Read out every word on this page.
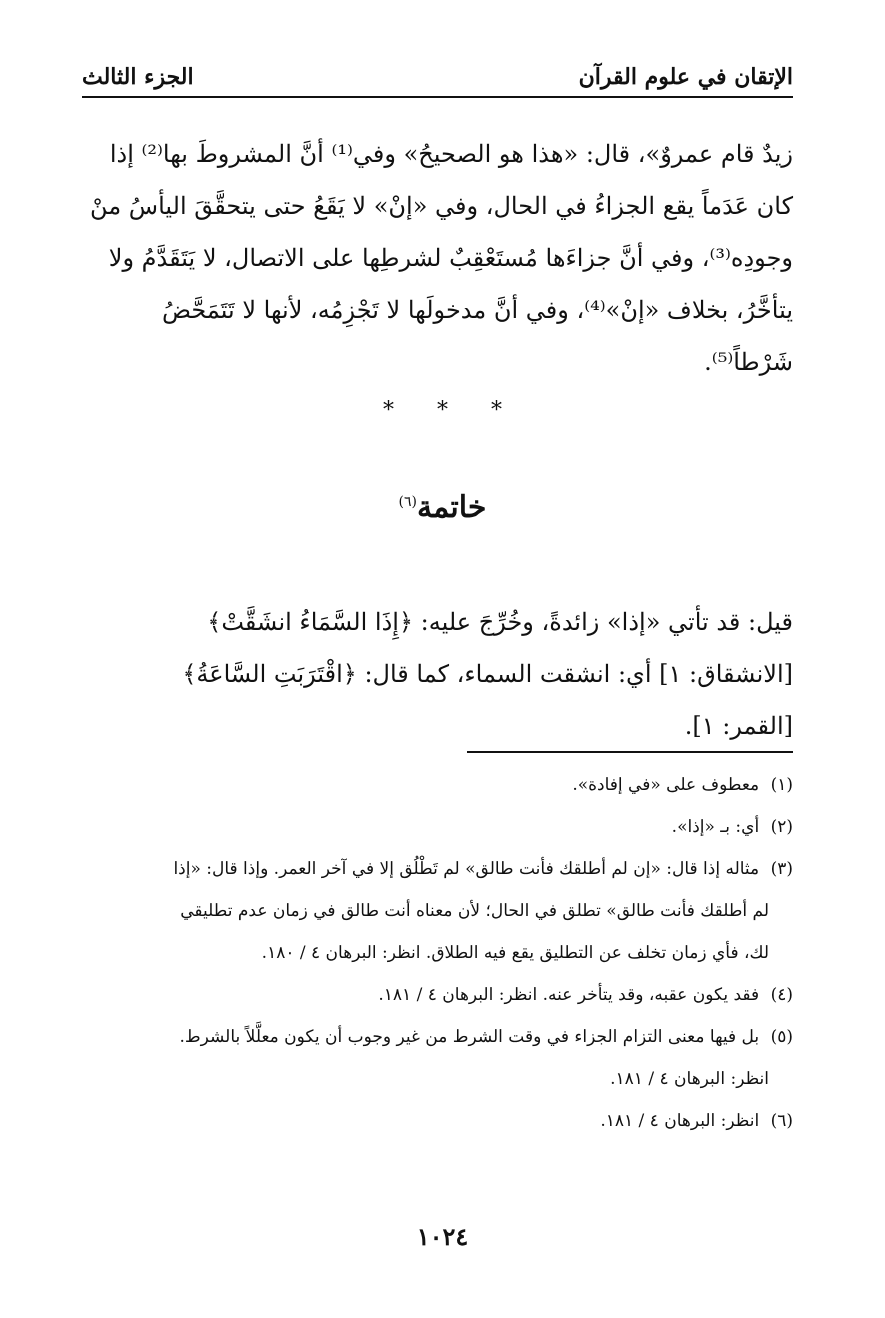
الإتقان في علوم القرآن
الجزء الثالث

زيدٌ قام عمروٌ»، قال: «هذا هو الصحيحُ» وفي⁽¹⁾ أنَّ المشروطَ بها⁽²⁾ إذا

كان عَدَماً يقع الجزاءُ في الحال، وفي «إنْ» لا يَقَعُ حتى يتحقَّقَ اليأسُ منْ

وجودِه⁽³⁾، وفي أنَّ جزاءَها مُستَعْقِبٌ لشرطِها على الاتصال، لا يَتَقَدَّمُ ولا

يتأخَّرُ، بخلاف «إنْ»⁽⁴⁾، وفي أنَّ مدخولَها لا تَجْزِمُه، لأنها لا تَتَمَحَّضُ

شَرْطاً⁽⁵⁾.

* * *
خاتمة$^{(٦)}$

قيل: قد تأتي «إذا» زائدةً، وخُرِّجَ عليه: ﴿إِذَا السَّمَاءُ انشَقَّتْ﴾

[الانشقاق: ١] أي: انشقت السماء، كما قال: ﴿اقْتَرَبَتِ السَّاعَةُ﴾

[القمر: ١].

(١) معطوف على «في إفادة».

(٢) أي: بـ «إذا».

(٣) مثاله إذا قال: «إن لم أطلقك فأنت طالق» لم تَطْلُق إلا في آخر العمر. وإذا قال: «إذا
لم أطلقك فأنت طالق» تطلق في الحال؛ لأن معناه أنت طالق في زمان عدم تطليقي
لك، فأي زمان تخلف عن التطليق يقع فيه الطلاق. انظر: البرهان ٤ / ١٨٠.

(٤) فقد يكون عقبه، وقد يتأخر عنه. انظر: البرهان ٤ / ١٨١.

(٥) بل فيها معنى التزام الجزاء في وقت الشرط من غير وجوب أن يكون معلَّلاً بالشرط.
انظر: البرهان ٤ / ١٨١.

(٦) انظر: البرهان ٤ / ١٨١.

١٠٢٤
